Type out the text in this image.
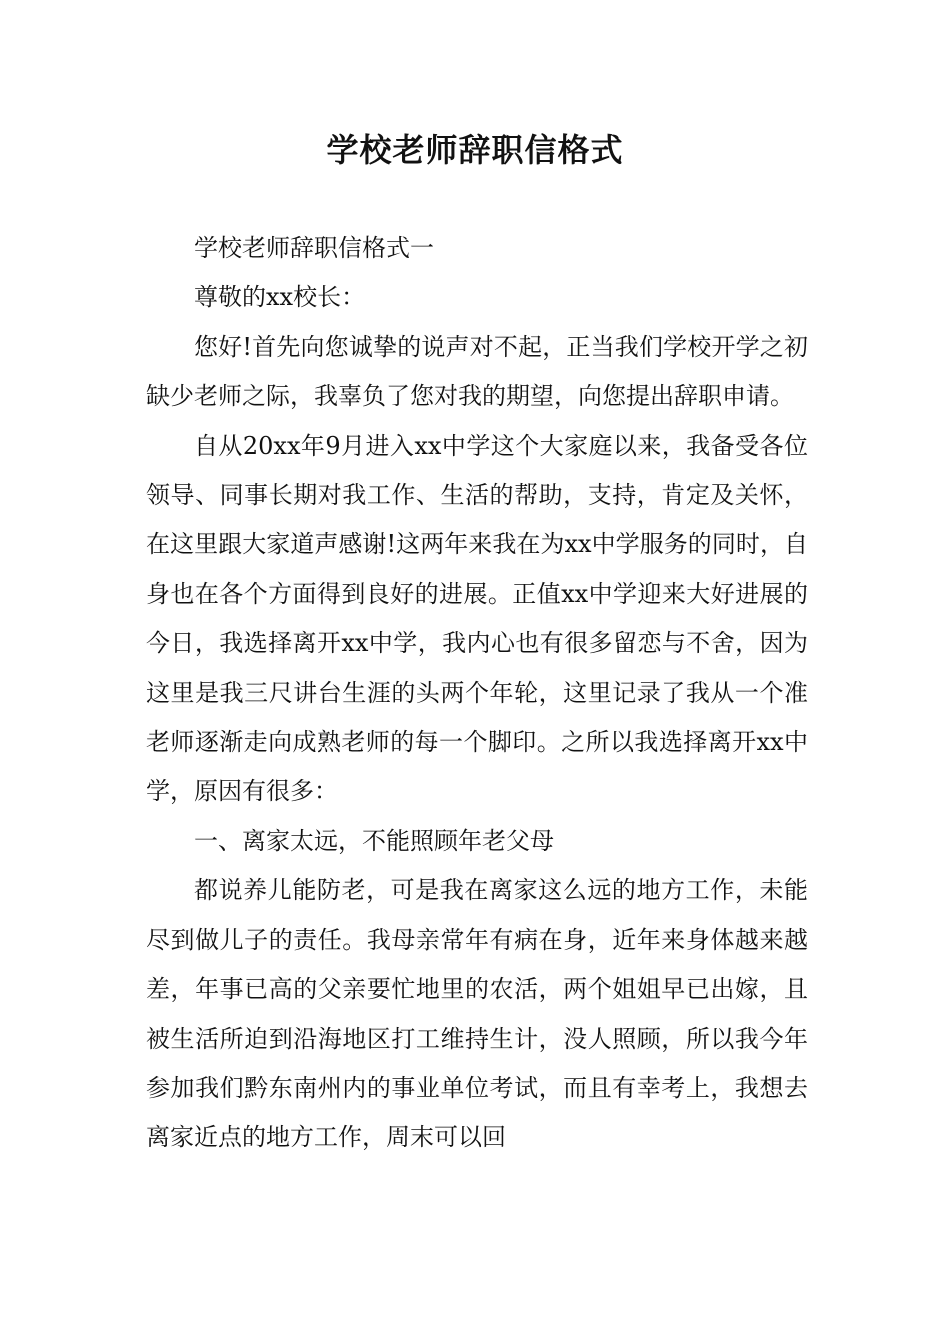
学校老师辞职信格式

学校老师辞职信格式一

尊敬的xx校长：

您好!首先向您诚挚的说声对不起，正当我们学校开学之初缺少老师之际，我辜负了您对我的期望，向您提出辞职申请。

自从20xx年9月进入xx中学这个大家庭以来，我备受各位领导、同事长期对我工作、生活的帮助，支持，肯定及关怀，在这里跟大家道声感谢!这两年来我在为xx中学服务的同时，自身也在各个方面得到良好的进展。正值xx中学迎来大好进展的今日，我选择离开xx中学，我内心也有很多留恋与不舍，因为这里是我三尺讲台生涯的头两个年轮，这里记录了我从一个准老师逐渐走向成熟老师的每一个脚印。之所以我选择离开xx中学，原因有很多：

一、离家太远，不能照顾年老父母

都说养儿能防老，可是我在离家这么远的地方工作，未能尽到做儿子的责任。我母亲常年有病在身，近年来身体越来越差，年事已高的父亲要忙地里的农活，两个姐姐早已出嫁，且被生活所迫到沿海地区打工维持生计，没人照顾，所以我今年参加我们黔东南州内的事业单位考试，而且有幸考上，我想去离家近点的地方工作，周末可以回
